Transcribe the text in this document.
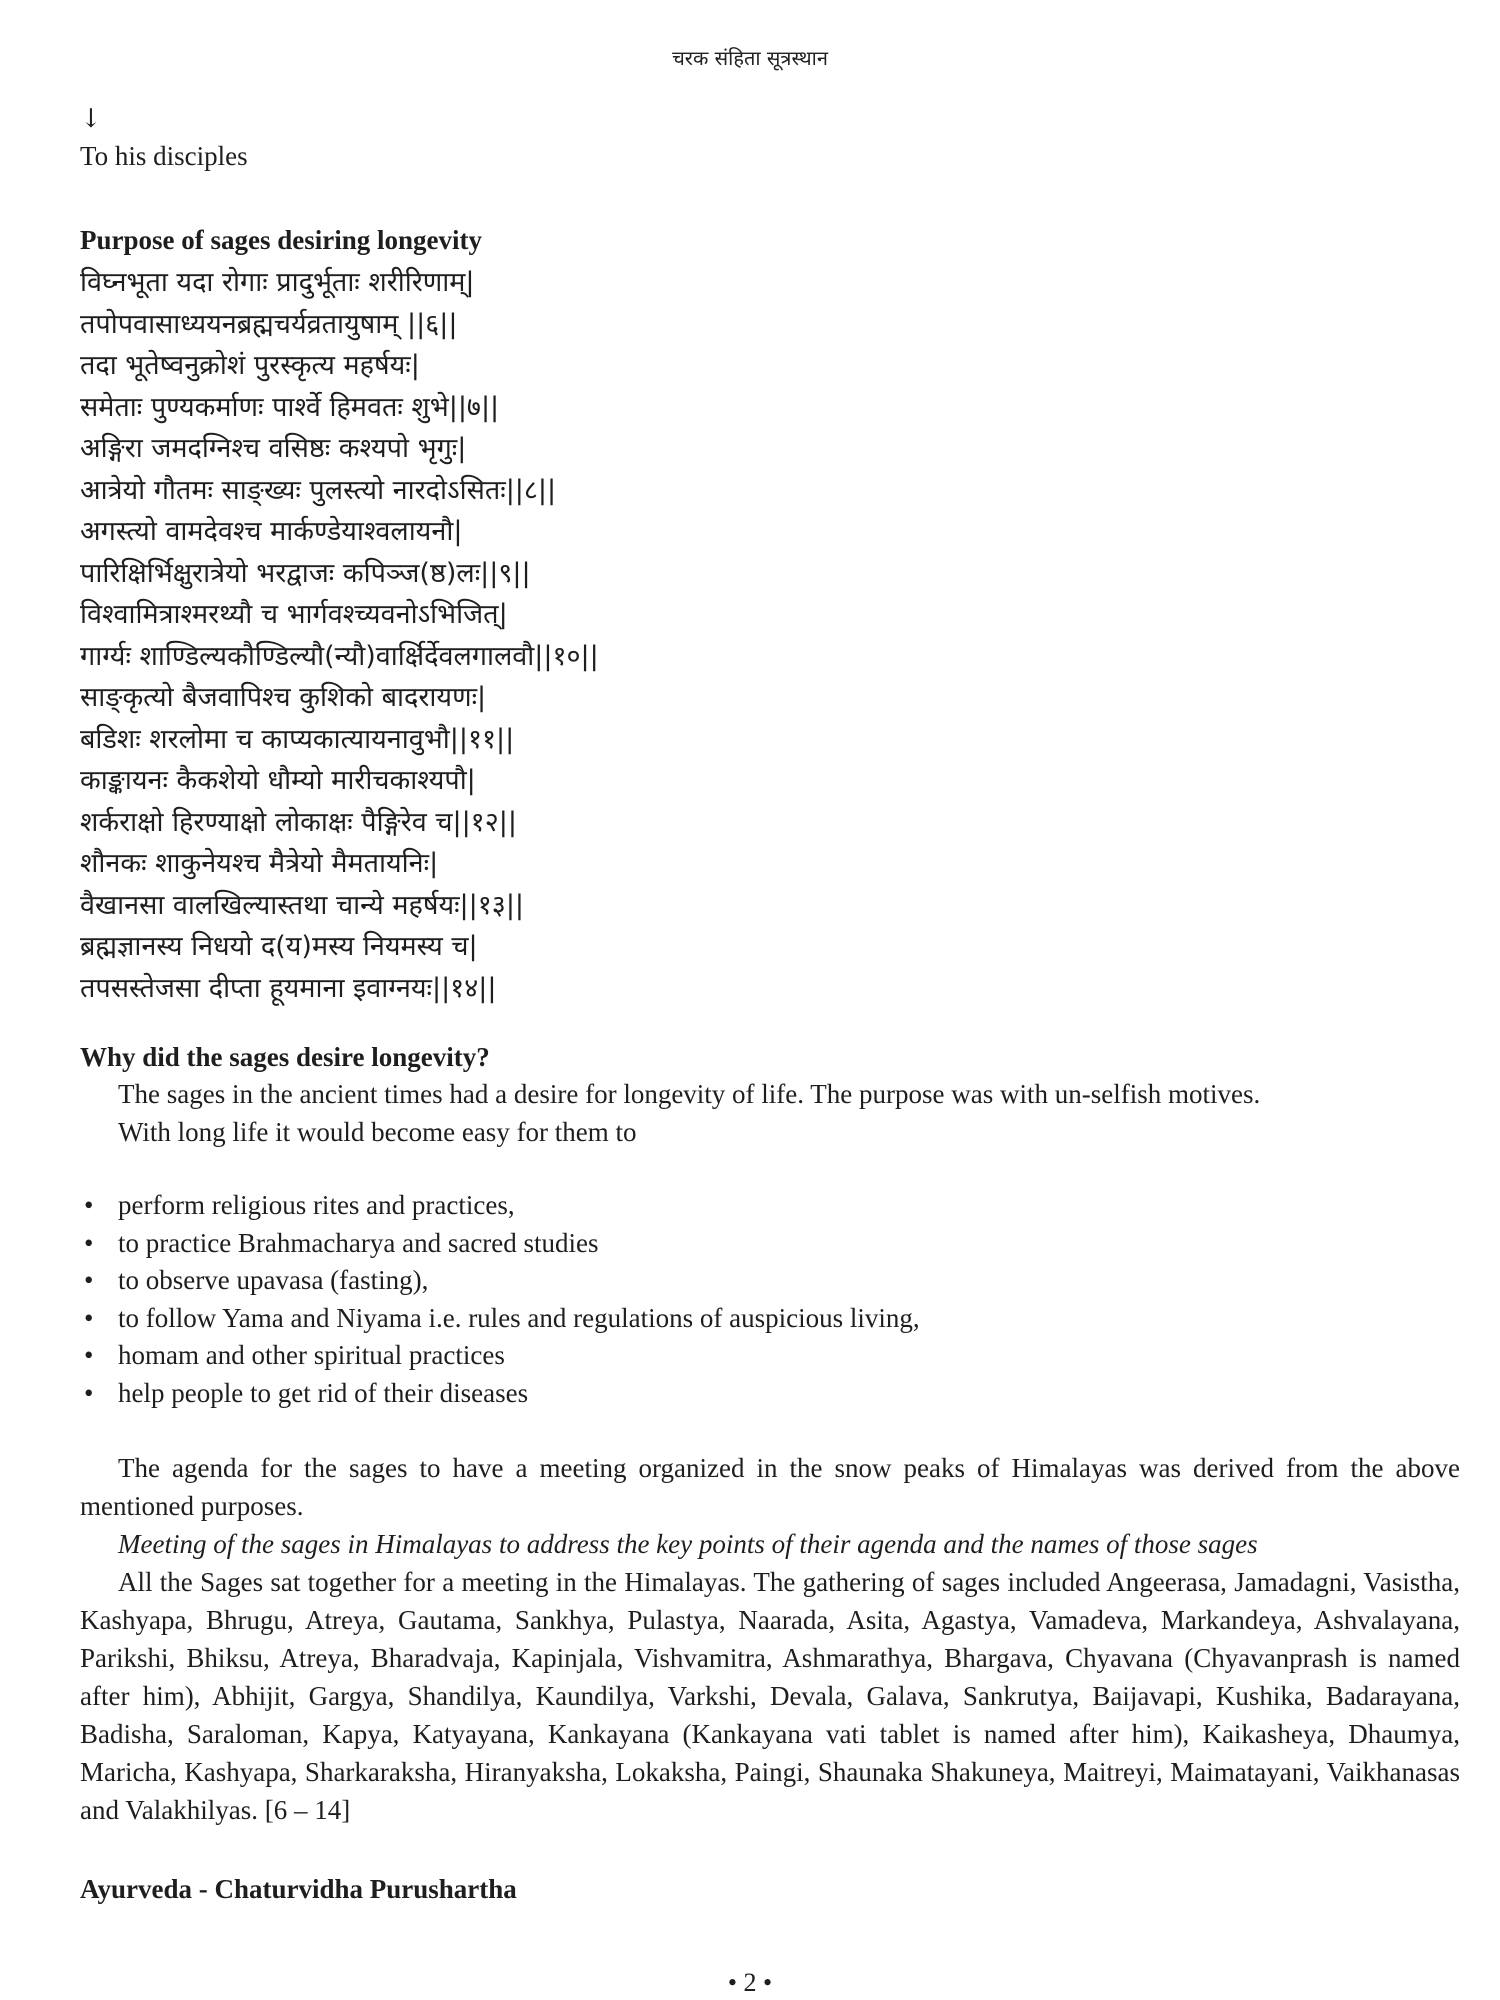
चरक संहिता सूत्रस्थान
↓
To his disciples
Purpose of sages desiring longevity
विघ्नभूता यदा रोगाः प्रादुर्भूताः शरीरिणाम्|
तपोपवासाध्ययनब्रह्मचर्यव्रतायुषाम् ||६||
तदा भूतेष्वनुक्रोशं पुरस्कृत्य महर्षयः|
समेताः पुण्यकर्माणः पार्श्वे हिमवतः शुभे||७||
अङ्गिरा जमदग्निश्च वसिष्ठः कश्यपो भृगुः|
आत्रेयो गौतमः साङ्ख्यः पुलस्त्यो नारदोऽसितः||८||
अगस्त्यो वामदेवश्च मार्कण्डेयाश्वलायनौ|
पारिक्षिर्भिक्षुरात्रेयो भरद्वाजः कपिञ्ज(ष्ठ)लः||९||
विश्वामित्राश्मरथ्यौ च भार्गवश्च्यवनोऽभिजित्|
गार्ग्यः शाण्डिल्यकौण्डिल्यौ(न्यौ)वार्क्षिर्देवलगालवौ||१०||
साङ्कृत्यो बैजवापिश्च कुशिको बादरायणः|
बडिशः शरलोमा च काप्यकात्यायनावुभौ||११||
काङ्कायनः कैकशेयो धौम्यो मारीचकाश्यपौ|
शर्कराक्षो हिरण्याक्षो लोकाक्षः पैङ्गिरेव च||१२||
शौनकः शाकुनेयश्च मैत्रेयो मैमतायनिः|
वैखानसा वालखिल्यास्तथा चान्ये महर्षयः||१३||
ब्रह्मज्ञानस्य निधयो द(य)मस्य नियमस्य च|
तपसस्तेजसा दीप्ता हूयमाना इवाग्नयः||१४||
Why did the sages desire longevity?

The sages in the ancient times had a desire for longevity of life. The purpose was with un-selfish motives.

With long life it would become easy for them to

• perform religious rites and practices,
• to practice Brahmacharya and sacred studies
• to observe upavasa (fasting),
• to follow Yama and Niyama i.e. rules and regulations of auspicious living,
• homam and other spiritual practices
• help people to get rid of their diseases

The agenda for the sages to have a meeting organized in the snow peaks of Himalayas was derived from the above mentioned purposes.

Meeting of the sages in Himalayas to address the key points of their agenda and the names of those sages

All the Sages sat together for a meeting in the Himalayas. The gathering of sages included Angeerasa, Jamadagni, Vasistha, Kashyapa, Bhrugu, Atreya, Gautama, Sankhya, Pulastya, Naarada, Asita, Agastya, Vamadeva, Markandeya, Ashvalayana, Parikshi, Bhiksu, Atreya, Bharadvaja, Kapinjala, Vishvamitra, Ashmarathya, Bhargava, Chyavana (Chyavanprash is named after him), Abhijit, Gargya, Shandilya, Kaundilya, Varkshi, Devala, Galava, Sankrutya, Baijavapi, Kushika, Badarayana, Badisha, Saraloman, Kapya, Katyayana, Kankayana (Kankayana vati tablet is named after him), Kaikasheya, Dhaumya, Maricha, Kashyapa, Sharkaraksha, Hiranyaksha, Lokaksha, Paingi, Shaunaka Shakuneya, Maitreyi, Maimatayani, Vaikhanasas and Valakhilyas. [6 – 14]

Ayurveda - Chaturvidha Purushartha
• 2 •
